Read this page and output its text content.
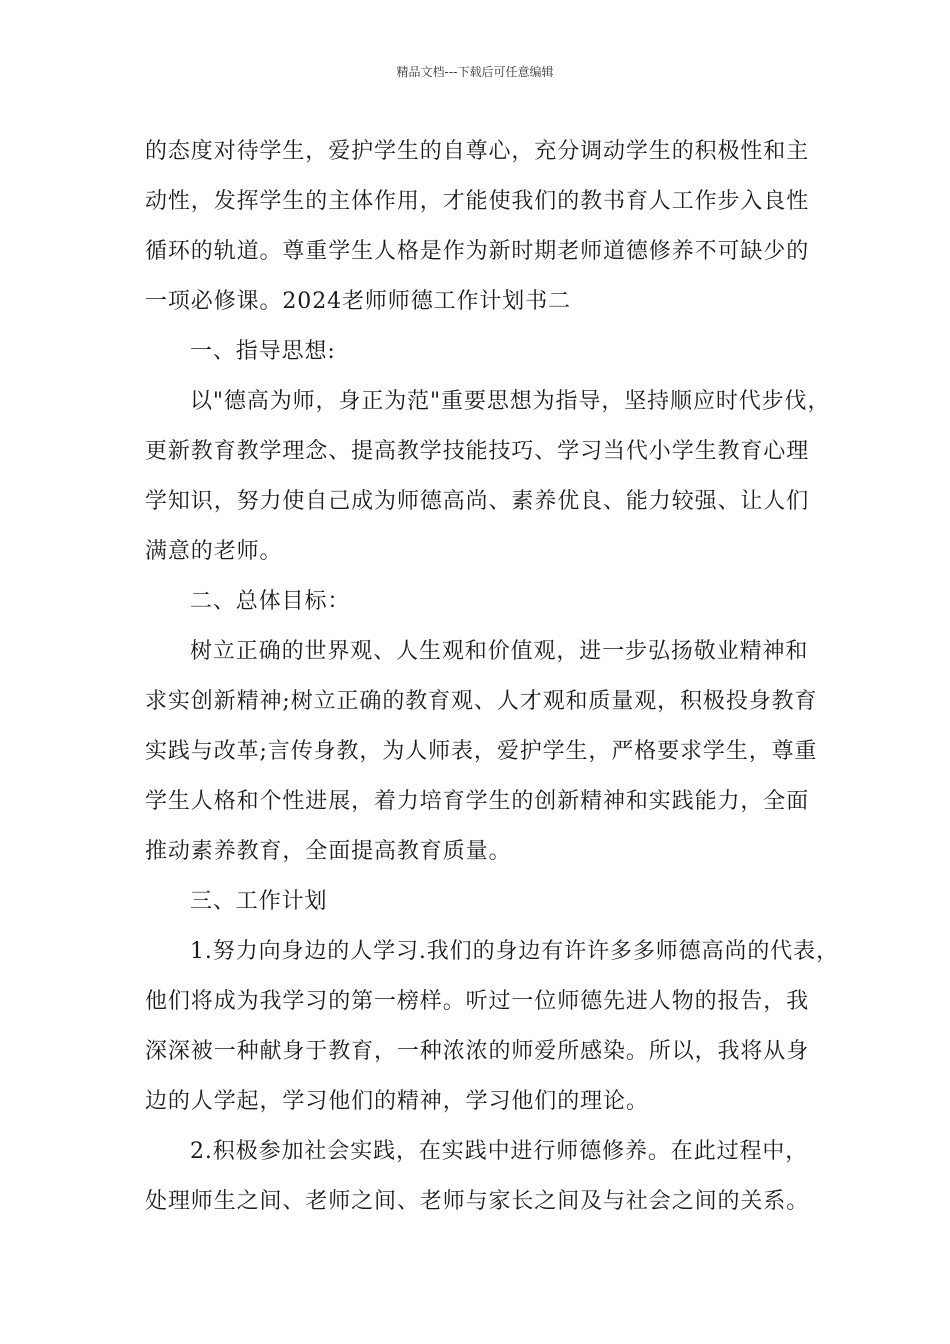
精品文档---下载后可任意编辑
的态度对待学生，爱护学生的自尊心，充分调动学生的积极性和主
动性，发挥学生的主体作用，才能使我们的教书育人工作步入良性
循环的轨道。尊重学生人格是作为新时期老师道德修养不可缺少的
一项必修课。2024老师师德工作计划书二
一、指导思想:
以"德高为师，身正为范"重要思想为指导，坚持顺应时代步伐，
更新教育教学理念、提高教学技能技巧、学习当代小学生教育心理
学知识，努力使自己成为师德高尚、素养优良、能力较强、让人们
满意的老师。
二、总体目标：
树立正确的世界观、人生观和价值观，进一步弘扬敬业精神和
求实创新精神;树立正确的教育观、人才观和质量观，积极投身教育
实践与改革;言传身教，为人师表，爱护学生，严格要求学生，尊重
学生人格和个性进展，着力培育学生的创新精神和实践能力，全面
推动素养教育，全面提高教育质量。
三、工作计划
1.努力向身边的人学习.我们的身边有许许多多师德高尚的代表，
他们将成为我学习的第一榜样。听过一位师德先进人物的报告，我
深深被一种献身于教育，一种浓浓的师爱所感染。所以，我将从身
边的人学起，学习他们的精神，学习他们的理论。
2.积极参加社会实践，在实践中进行师德修养。在此过程中，
处理师生之间、老师之间、老师与家长之间及与社会之间的关系。
